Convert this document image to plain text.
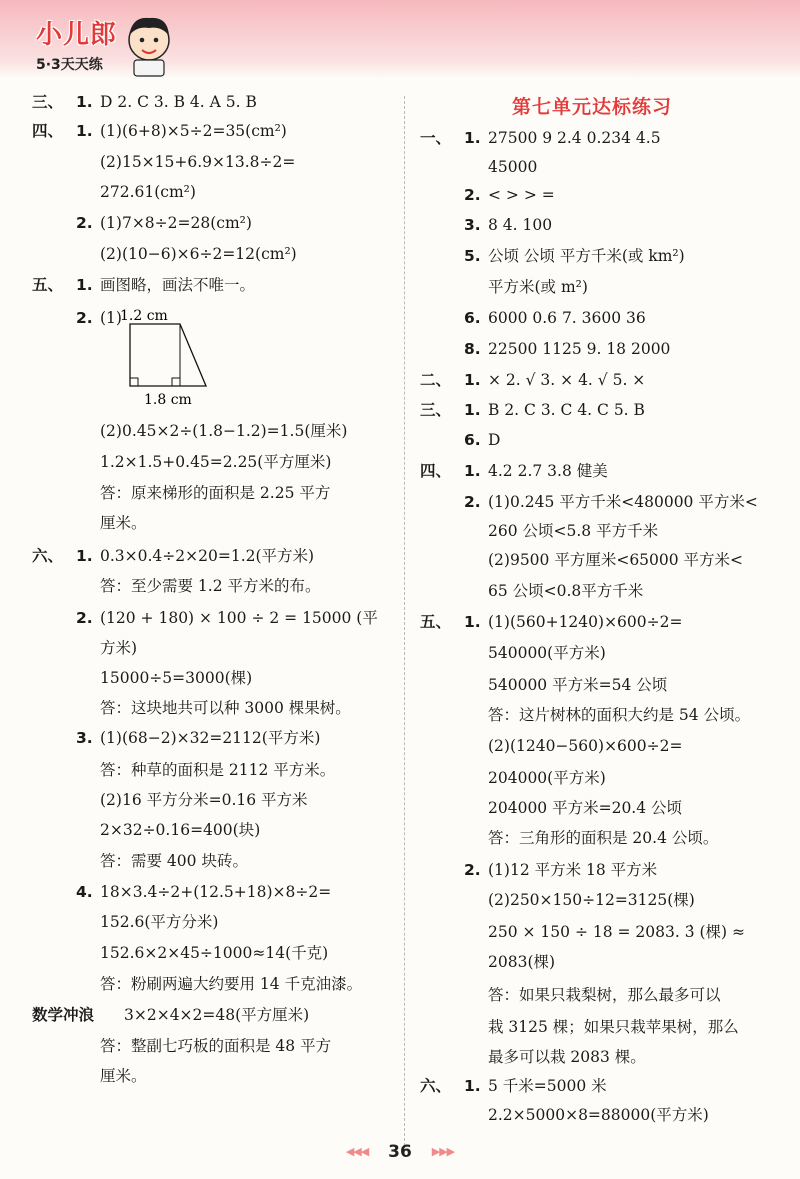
小儿郎
5·3天天练
第七单元达标练习
三、 1. D 2. C 3. B 4. A 5. B
四、 1. (1)(6+8)×5÷2=35(cm²)
(2)15×15+6.9×13.8÷2=
272.61(cm²)
2. (1)7×8÷2=28(cm²)
(2)(10−6)×6÷2=12(cm²)
五、 1. 画图略，画法不唯一。
2. (1)
(2)0.45×2÷(1.8−1.2)=1.5(厘米)
1.2×1.5+0.45=2.25(平方厘米)
答：原来梯形的面积是 2.25 平方
厘米。
六、 1. 0.3×0.4÷2×20=1.2(平方米)
答：至少需要 1.2 平方米的布。
2. (120 + 180) × 100 ÷ 2 = 15000 (平
方米)
15000÷5=3000(棵)
答：这块地共可以种 3000 棵果树。
3. (1)(68−2)×32=2112(平方米)
答：种草的面积是 2112 平方米。
(2)16 平方分米=0.16 平方米
2×32÷0.16=400(块)
答：需要 400 块砖。
4. 18×3.4÷2+(12.5+18)×8÷2=
152.6(平方分米)
152.6×2×45÷1000≈14(千克)
答：粉刷两遍大约要用 14 千克油漆。
数学冲浪 3×2×4×2=48(平方厘米)
答：整副七巧板的面积是 48 平方
厘米。
一、 1. 27500 9 2.4 0.234 4.5
45000
2. < > > =
3. 8 4. 100
5. 公顷 公顷 平方千米(或 km²)
平方米(或 m²)
6. 6000 0.6 7. 3600 36
8. 22500 1125 9. 18 2000
二、 1. × 2. √ 3. × 4. √ 5. ×
三、 1. B 2. C 3. C 4. C 5. B
6. D
四、 1. 4.2 2.7 3.8 健美
2. (1)0.245 平方千米<480000 平方米<
260 公顷<5.8 平方千米
(2)9500 平方厘米<65000 平方米<
65 公顷<0.8平方千米
五、 1. (1)(560+1240)×600÷2=
540000(平方米)
540000 平方米=54 公顷
答：这片树林的面积大约是 54 公顷。
(2)(1240−560)×600÷2=
204000(平方米)
204000 平方米=20.4 公顷
答：三角形的面积是 20.4 公顷。
2. (1)12 平方米 18 平方米
(2)250×150÷12=3125(棵)
250 × 150 ÷ 18 = 2083. 3̇ (棵) ≈
2083(棵)
答：如果只栽梨树，那么最多可以
栽 3125 棵；如果只栽苹果树，那么
最多可以栽 2083 棵。
六、 1. 5 千米=5000 米
2.2×5000×8=88000(平方米)
1.2 cm
1.8 cm
◀◀◀ 36 ▶▶▶
